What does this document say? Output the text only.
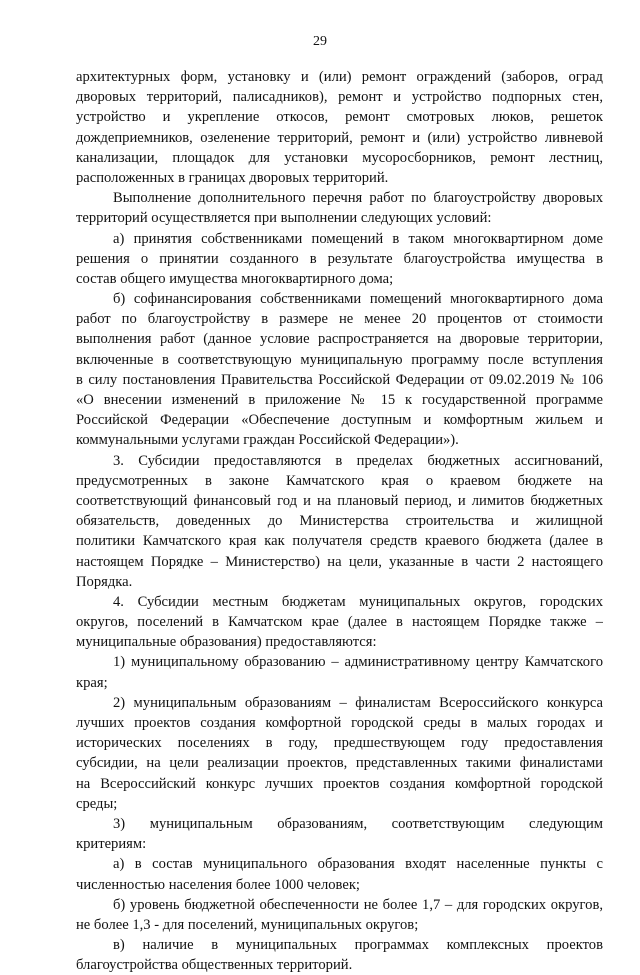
29
архитектурных форм, установку и (или) ремонт ограждений (заборов, оград
дворовых территорий, палисадников), ремонт и устройство подпорных стен,
устройство и укрепление откосов, ремонт смотровых люков, решеток
дождеприемников, озеленение территорий, ремонт и (или) устройство ливневой
канализации, площадок для установки мусоросборников, ремонт лестниц,
расположенных в границах дворовых территорий.
Выполнение дополнительного перечня работ по благоустройству дворовых
территорий осуществляется при выполнении следующих условий:
а) принятия собственниками помещений в таком многоквартирном доме
решения о принятии созданного в результате благоустройства имущества в
состав общего имущества многоквартирного дома;
б) софинансирования собственниками помещений многоквартирного дома
работ по благоустройству в размере не менее 20 процентов от стоимости
выполнения работ (данное условие распространяется на дворовые территории,
включенные в соответствующую муниципальную программу после вступления
в силу постановления Правительства Российской Федерации от 09.02.2019 № 106
«О внесении изменений в приложение № 15 к государственной программе
Российской Федерации «Обеспечение доступным и комфортным жильем и
коммунальными услугами граждан Российской Федерации»).
3. Субсидии предоставляются в пределах бюджетных ассигнований,
предусмотренных в законе Камчатского края о краевом бюджете на
соответствующий финансовый год и на плановый период, и лимитов бюджетных
обязательств, доведенных до Министерства строительства и жилищной
политики Камчатского края как получателя средств краевого бюджета (далее в
настоящем Порядке – Министерство) на цели, указанные в части 2 настоящего
Порядка.
4. Субсидии местным бюджетам муниципальных округов, городских
округов, поселений в Камчатском крае (далее в настоящем Порядке также –
муниципальные образования) предоставляются:
1) муниципальному образованию – административному центру Камчатского
края;
2) муниципальным образованиям – финалистам Всероссийского конкурса
лучших проектов создания комфортной городской среды в малых городах и
исторических поселениях в году, предшествующем году предоставления
субсидии, на цели реализации проектов, представленных такими финалистами
на Всероссийский конкурс лучших проектов создания комфортной городской
среды;
3) муниципальным образованиям, соответствующим следующим
критериям:
а) в состав муниципального образования входят населенные пункты с
численностью населения более 1000 человек;
б) уровень бюджетной обеспеченности не более 1,7 – для городских округов,
не более 1,3 - для поселений, муниципальных округов;
в) наличие в муниципальных программах комплексных проектов
благоустройства общественных территорий.
